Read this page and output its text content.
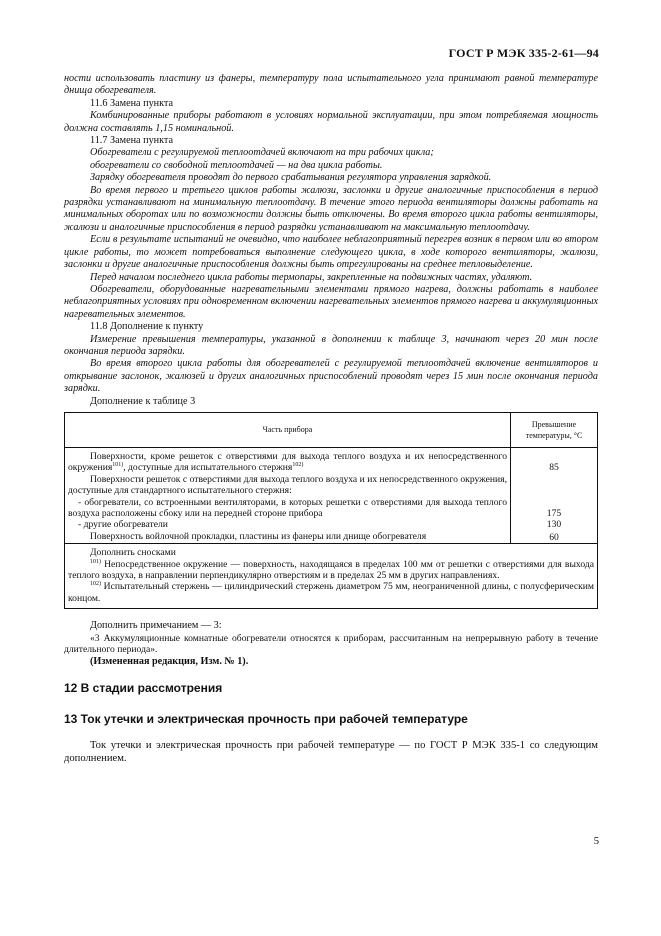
ГОСТ Р МЭК 335-2-61—94

ности использовать пластину из фанеры, температуру пола испытательного угла принимают равной температуре днища обогревателя.

11.6 Замена пункта

Комбинированные приборы работают в условиях нормальной эксплуатации, при этом потребляемая мощность должна составлять 1,15 номинальной.

11.7 Замена пункта

Обогреватели с регулируемой теплоотдачей включают на три рабочих цикла;

обогреватели со свободной теплоотдачей — на два цикла работы.

Зарядку обогревателя проводят до первого срабатывания регулятора управления зарядкой.

Во время первого и третьего циклов работы жалюзи, заслонки и другие аналогичные приспособления в период разрядки устанавливают на минимальную теплоотдачу. В течение этого периода вентиляторы должны работать на минимальных оборотах или по возможности должны быть отключены. Во время второго цикла работы вентиляторы, жалюзи и аналогичные приспособления в период разрядки устанавливают на максимальную теплоотдачу.

Если в результате испытаний не очевидно, что наиболее неблагоприятный перегрев возник в первом или во втором цикле работы, то может потребоваться выполнение следующего цикла, в ходе которого вентиляторы, жалюзи, заслонки и другие аналогичные приспособления должны быть отрегулированы на среднее тепловыделение.

Перед началом последнего цикла работы термопары, закрепленные на подвижных частях, удаляют.

Обогреватели, оборудованные нагревательными элементами прямого нагрева, должны работать в наиболее неблагоприятных условиях при одновременном включении нагревательных элементов прямого нагрева и аккумуляционных нагревательных элементов.

11.8 Дополнение к пункту

Измерение превышения температуры, указанной в дополнении к таблице 3, начинают через 20 мин после окончания периода зарядки.

Во время второго цикла работы для обогревателей с регулируемой теплоотдачей включение вентиляторов и открывание заслонок, жалюзей и других аналогичных приспособлений проводят через 15 мин после окончания периода зарядки.

Дополнение к таблице 3

Часть прибора	Превышение температуры, °С
Поверхности, кроме решеток с отверстиями для выхода теплого воздуха и их непосредственного окружения$^{101)}$, доступные для испытательного стержня$^{102)}$	85
Поверхности решеток с отверстиями для выхода теплого воздуха и их непосредственного окружения, доступные для стандартного испытательного стержня:	
- обогреватели, со встроенными вентиляторами, в которых решетки с отверстиями для выхода теплого воздуха расположены сбоку или на передней стороне прибора	175
- другие обогреватели	130
Поверхность войлочной прокладки, пластины из фанеры или днище обогревателя	60

Дополнить сносками

$^{101)}$ Непосредственное окружение — поверхность, находящаяся в пределах 100 мм от решетки с отверстиями для выхода теплого воздуха, в направлении перпендикулярно отверстиям и в пределах 25 мм в других направлениях.

$^{102)}$ Испытательный стержень — цилиндрический стержень диаметром 75 мм, неограниченной длины, с полусферическим концом.

Дополнить примечанием — 3:

«3 Аккумуляционные комнатные обогреватели относятся к приборам, рассчитанным на непрерывную работу в течение длительного периода».

(Измененная редакция, Изм. № 1).

12 В стадии рассмотрения

13 Ток утечки и электрическая прочность при рабочей температуре

Ток утечки и электрическая прочность при рабочей температуре — по ГОСТ Р МЭК 335-1 со следующим дополнением.

5
